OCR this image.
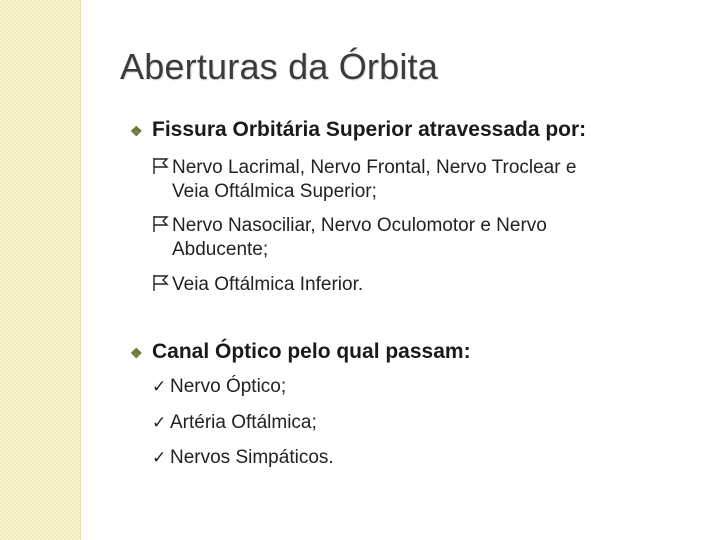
Aberturas da Órbita
❖ Fissura Orbitária Superior atravessada por:
Nervo Lacrimal, Nervo Frontal, Nervo Troclear e
Veia Oftálmica Superior;
Nervo Nasociliar, Nervo Oculomotor e Nervo
Abducente;
Veia Oftálmica Inferior.
❖ Canal Óptico pelo qual passam:
✓ Nervo Óptico;
✓ Artéria Oftálmica;
✓ Nervos Simpáticos.
